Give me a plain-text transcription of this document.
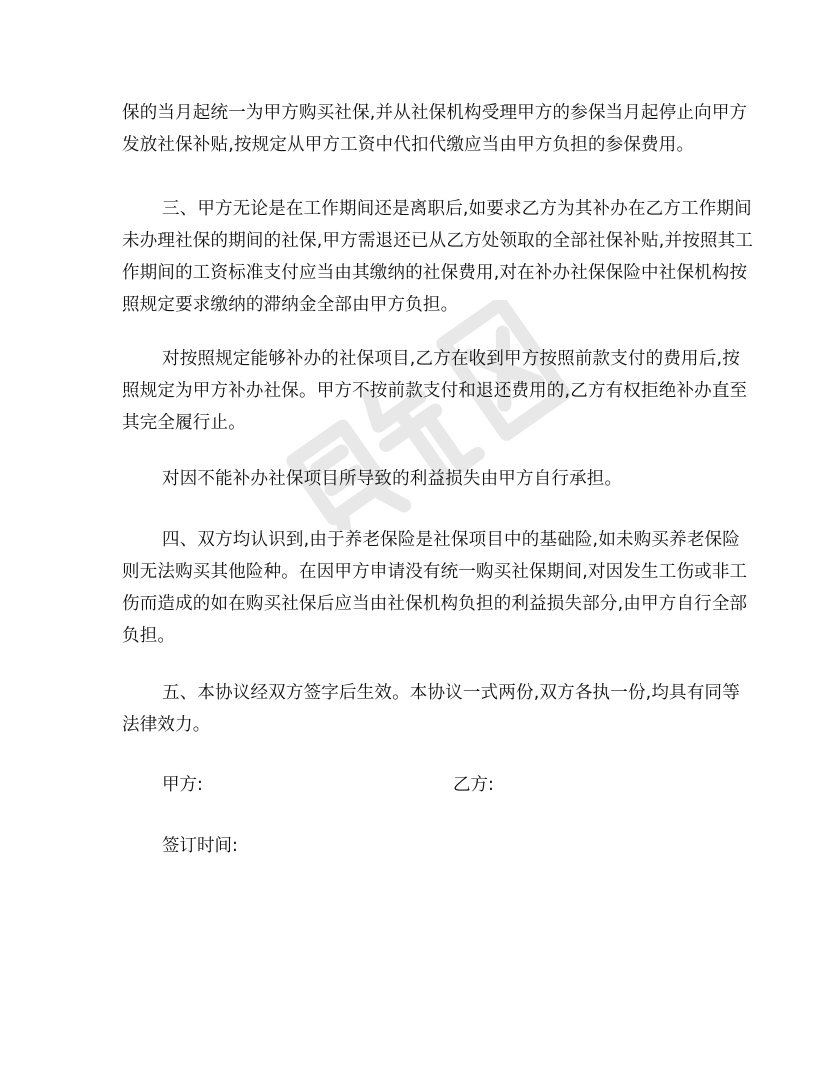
保的当月起统一为甲方购买社保,并从社保机构受理甲方的参保当月起停止向甲方
发放社保补贴,按规定从甲方工资中代扣代缴应当由甲方负担的参保费用。

三、甲方无论是在工作期间还是离职后,如要求乙方为其补办在乙方工作期间
未办理社保的期间的社保,甲方需退还已从乙方处领取的全部社保补贴,并按照其工
作期间的工资标准支付应当由其缴纳的社保费用,对在补办社保保险中社保机构按
照规定要求缴纳的滞纳金全部由甲方负担。

对按照规定能够补办的社保项目,乙方在收到甲方按照前款支付的费用后,按
照规定为甲方补办社保。甲方不按前款支付和退还费用的,乙方有权拒绝补办直至
其完全履行止。

对因不能补办社保项目所导致的利益损失由甲方自行承担。

四、双方均认识到,由于养老保险是社保项目中的基础险,如未购买养老保险
则无法购买其他险种。在因甲方申请没有统一购买社保期间,对因发生工伤或非工
伤而造成的如在购买社保后应当由社保机构负担的利益损失部分,由甲方自行全部
负担。

五、本协议经双方签字后生效。本协议一式两份,双方各执一份,均具有同等
法律效力。

甲方:	乙方:
签订时间:
